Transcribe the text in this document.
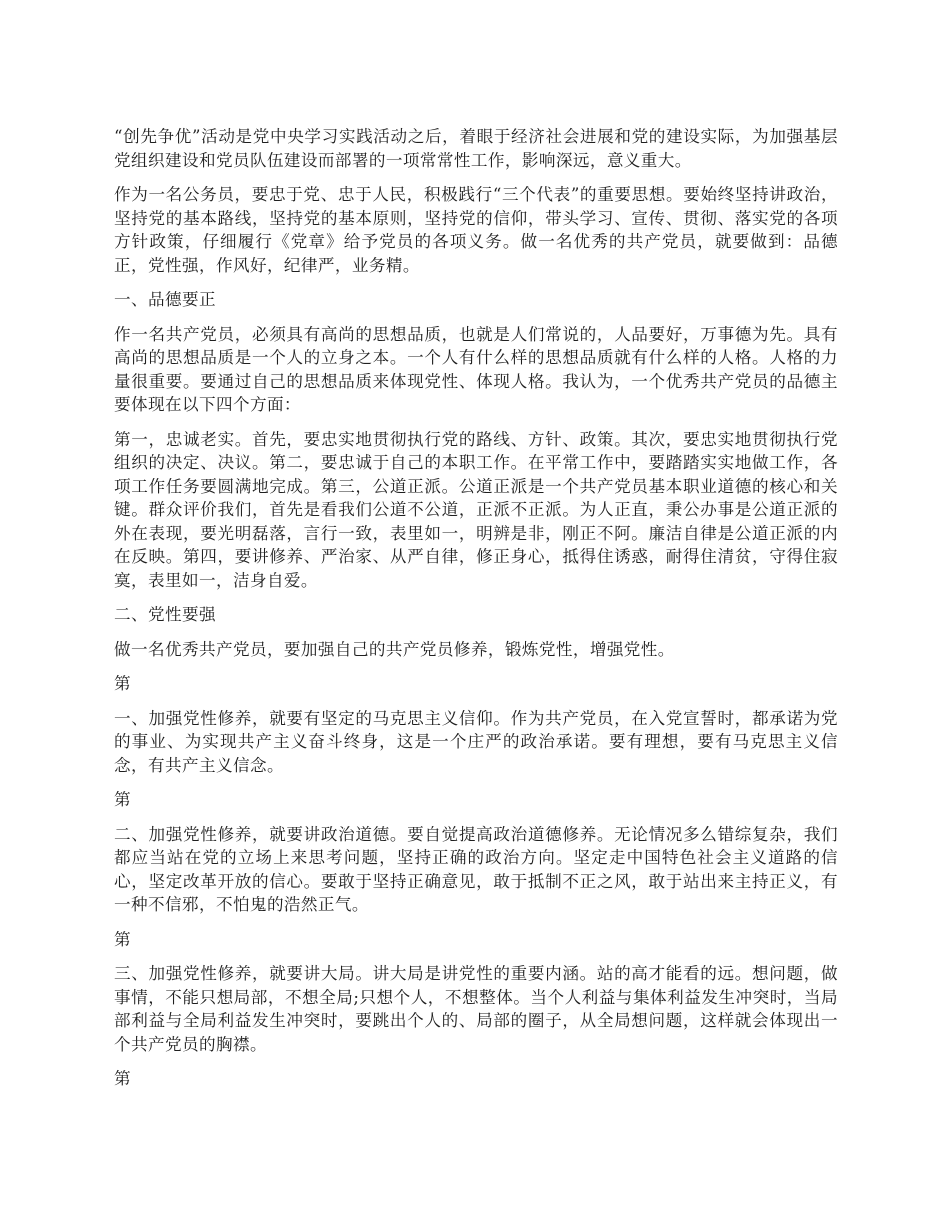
“创先争优”活动是党中央学习实践活动之后，着眼于经济社会进展和党的建设实际，为加强基层党组织建设和党员队伍建设而部署的一项常常性工作，影响深远，意义重大。

作为一名公务员，要忠于党、忠于人民，积极践行“三个代表”的重要思想。要始终坚持讲政治，坚持党的基本路线，坚持党的基本原则，坚持党的信仰，带头学习、宣传、贯彻、落实党的各项方针政策，仔细履行《党章》给予党员的各项义务。做一名优秀的共产党员，就要做到：品德正，党性强，作风好，纪律严，业务精。

一、品德要正

作一名共产党员，必须具有高尚的思想品质，也就是人们常说的，人品要好，万事德为先。具有高尚的思想品质是一个人的立身之本。一个人有什么样的思想品质就有什么样的人格。人格的力量很重要。要通过自己的思想品质来体现党性、体现人格。我认为，一个优秀共产党员的品德主要体现在以下四个方面：

第一，忠诚老实。首先，要忠实地贯彻执行党的路线、方针、政策。其次，要忠实地贯彻执行党组织的决定、决议。第二，要忠诚于自己的本职工作。在平常工作中，要踏踏实实地做工作，各项工作任务要圆满地完成。第三，公道正派。公道正派是一个共产党员基本职业道德的核心和关键。群众评价我们，首先是看我们公道不公道，正派不正派。为人正直，秉公办事是公道正派的外在表现，要光明磊落，言行一致，表里如一，明辨是非，刚正不阿。廉洁自律是公道正派的内在反映。第四，要讲修养、严治家、从严自律，修正身心，抵得住诱惑，耐得住清贫，守得住寂寞，表里如一，洁身自爱。

二、党性要强

做一名优秀共产党员，要加强自己的共产党员修养，锻炼党性，增强党性。

第

一、加强党性修养，就要有坚定的马克思主义信仰。作为共产党员，在入党宣誓时，都承诺为党的事业、为实现共产主义奋斗终身，这是一个庄严的政治承诺。要有理想，要有马克思主义信念，有共产主义信念。

第

二、加强党性修养，就要讲政治道德。要自觉提高政治道德修养。无论情况多么错综复杂，我们都应当站在党的立场上来思考问题，坚持正确的政治方向。坚定走中国特色社会主义道路的信心，坚定改革开放的信心。要敢于坚持正确意见，敢于抵制不正之风，敢于站出来主持正义，有一种不信邪，不怕鬼的浩然正气。

第

三、加强党性修养，就要讲大局。讲大局是讲党性的重要内涵。站的高才能看的远。想问题，做事情，不能只想局部，不想全局;只想个人，不想整体。当个人利益与集体利益发生冲突时，当局部利益与全局利益发生冲突时，要跳出个人的、局部的圈子，从全局想问题，这样就会体现出一个共产党员的胸襟。

第
